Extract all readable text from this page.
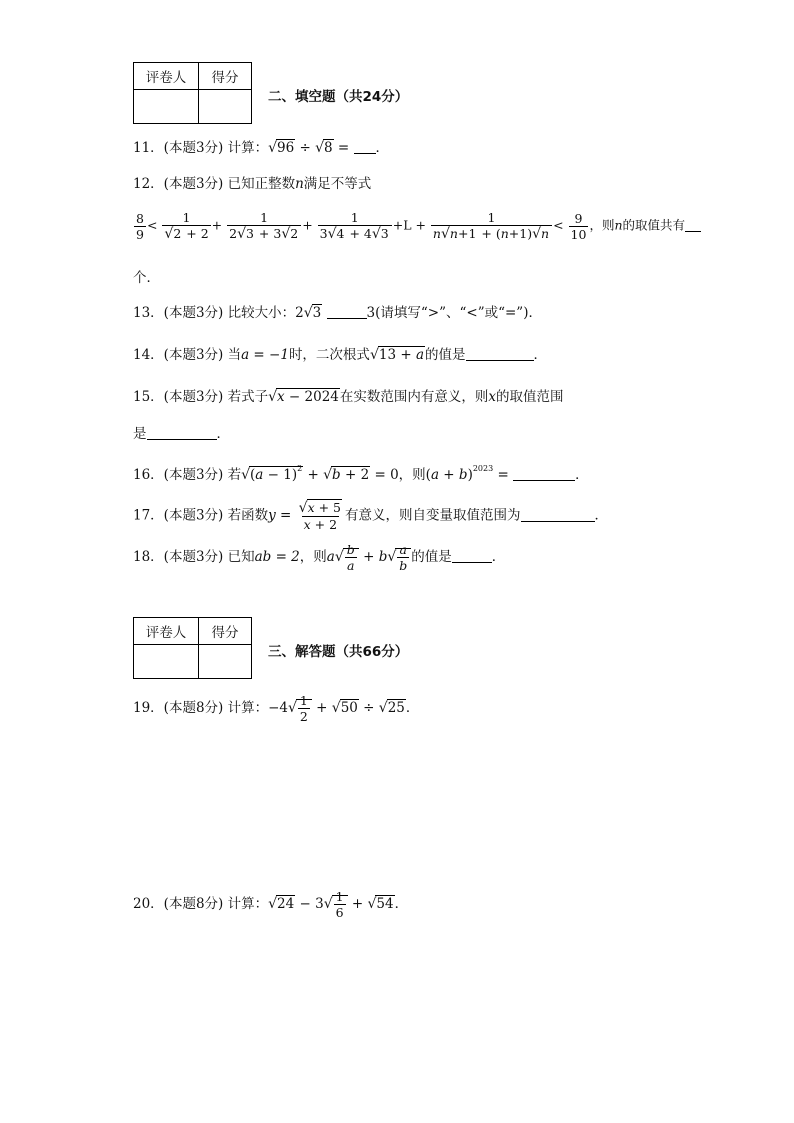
评卷人	得分

二、填空题（共24分）
11．(本题3分) 计算：√96 ÷ √8 = ．
12．(本题3分) 已知正整数n满足不等式
$\frac{8}{9} < \frac{1}{√2 + 2} + \frac{1}{2√3 + 3√2} + \frac{1}{3√4 + 4√3} +L + \frac{1}{n√n+1 + (n+1)√n} < \frac{9}{10}$ ，则n的取值共有
个．
13．(本题3分) 比较大小：2√3	3(请填写“>”、“<”或“=”)．
14．(本题3分) 当a = −1时，二次根式√13 + a的值是	．
15．(本题3分) 若式子√x − 2024在实数范围内有意义，则x的取值范围
是	．
16．(本题3分) 若$√(a - 1)^2 + √b + 2 = 0$，则$(a + b)^{2023}$ =	．
17．(本题3分) 若函数$y = \frac{√x + 5}{x + 2}$ 有意义，则自变量取值范围为	．
18．(本题3分) 已知ab = 2，则$a√ \frac{b}{a} + b√ \frac{a}{b}$ 的值是	．
评卷人	得分

三、解答题（共66分）
19．(本题8分) 计算：$-4√ \frac{1}{2} + √50 \div √25$．
20．(本题8分) 计算：$√24 - 3√ \frac{1}{6} + √54$．
